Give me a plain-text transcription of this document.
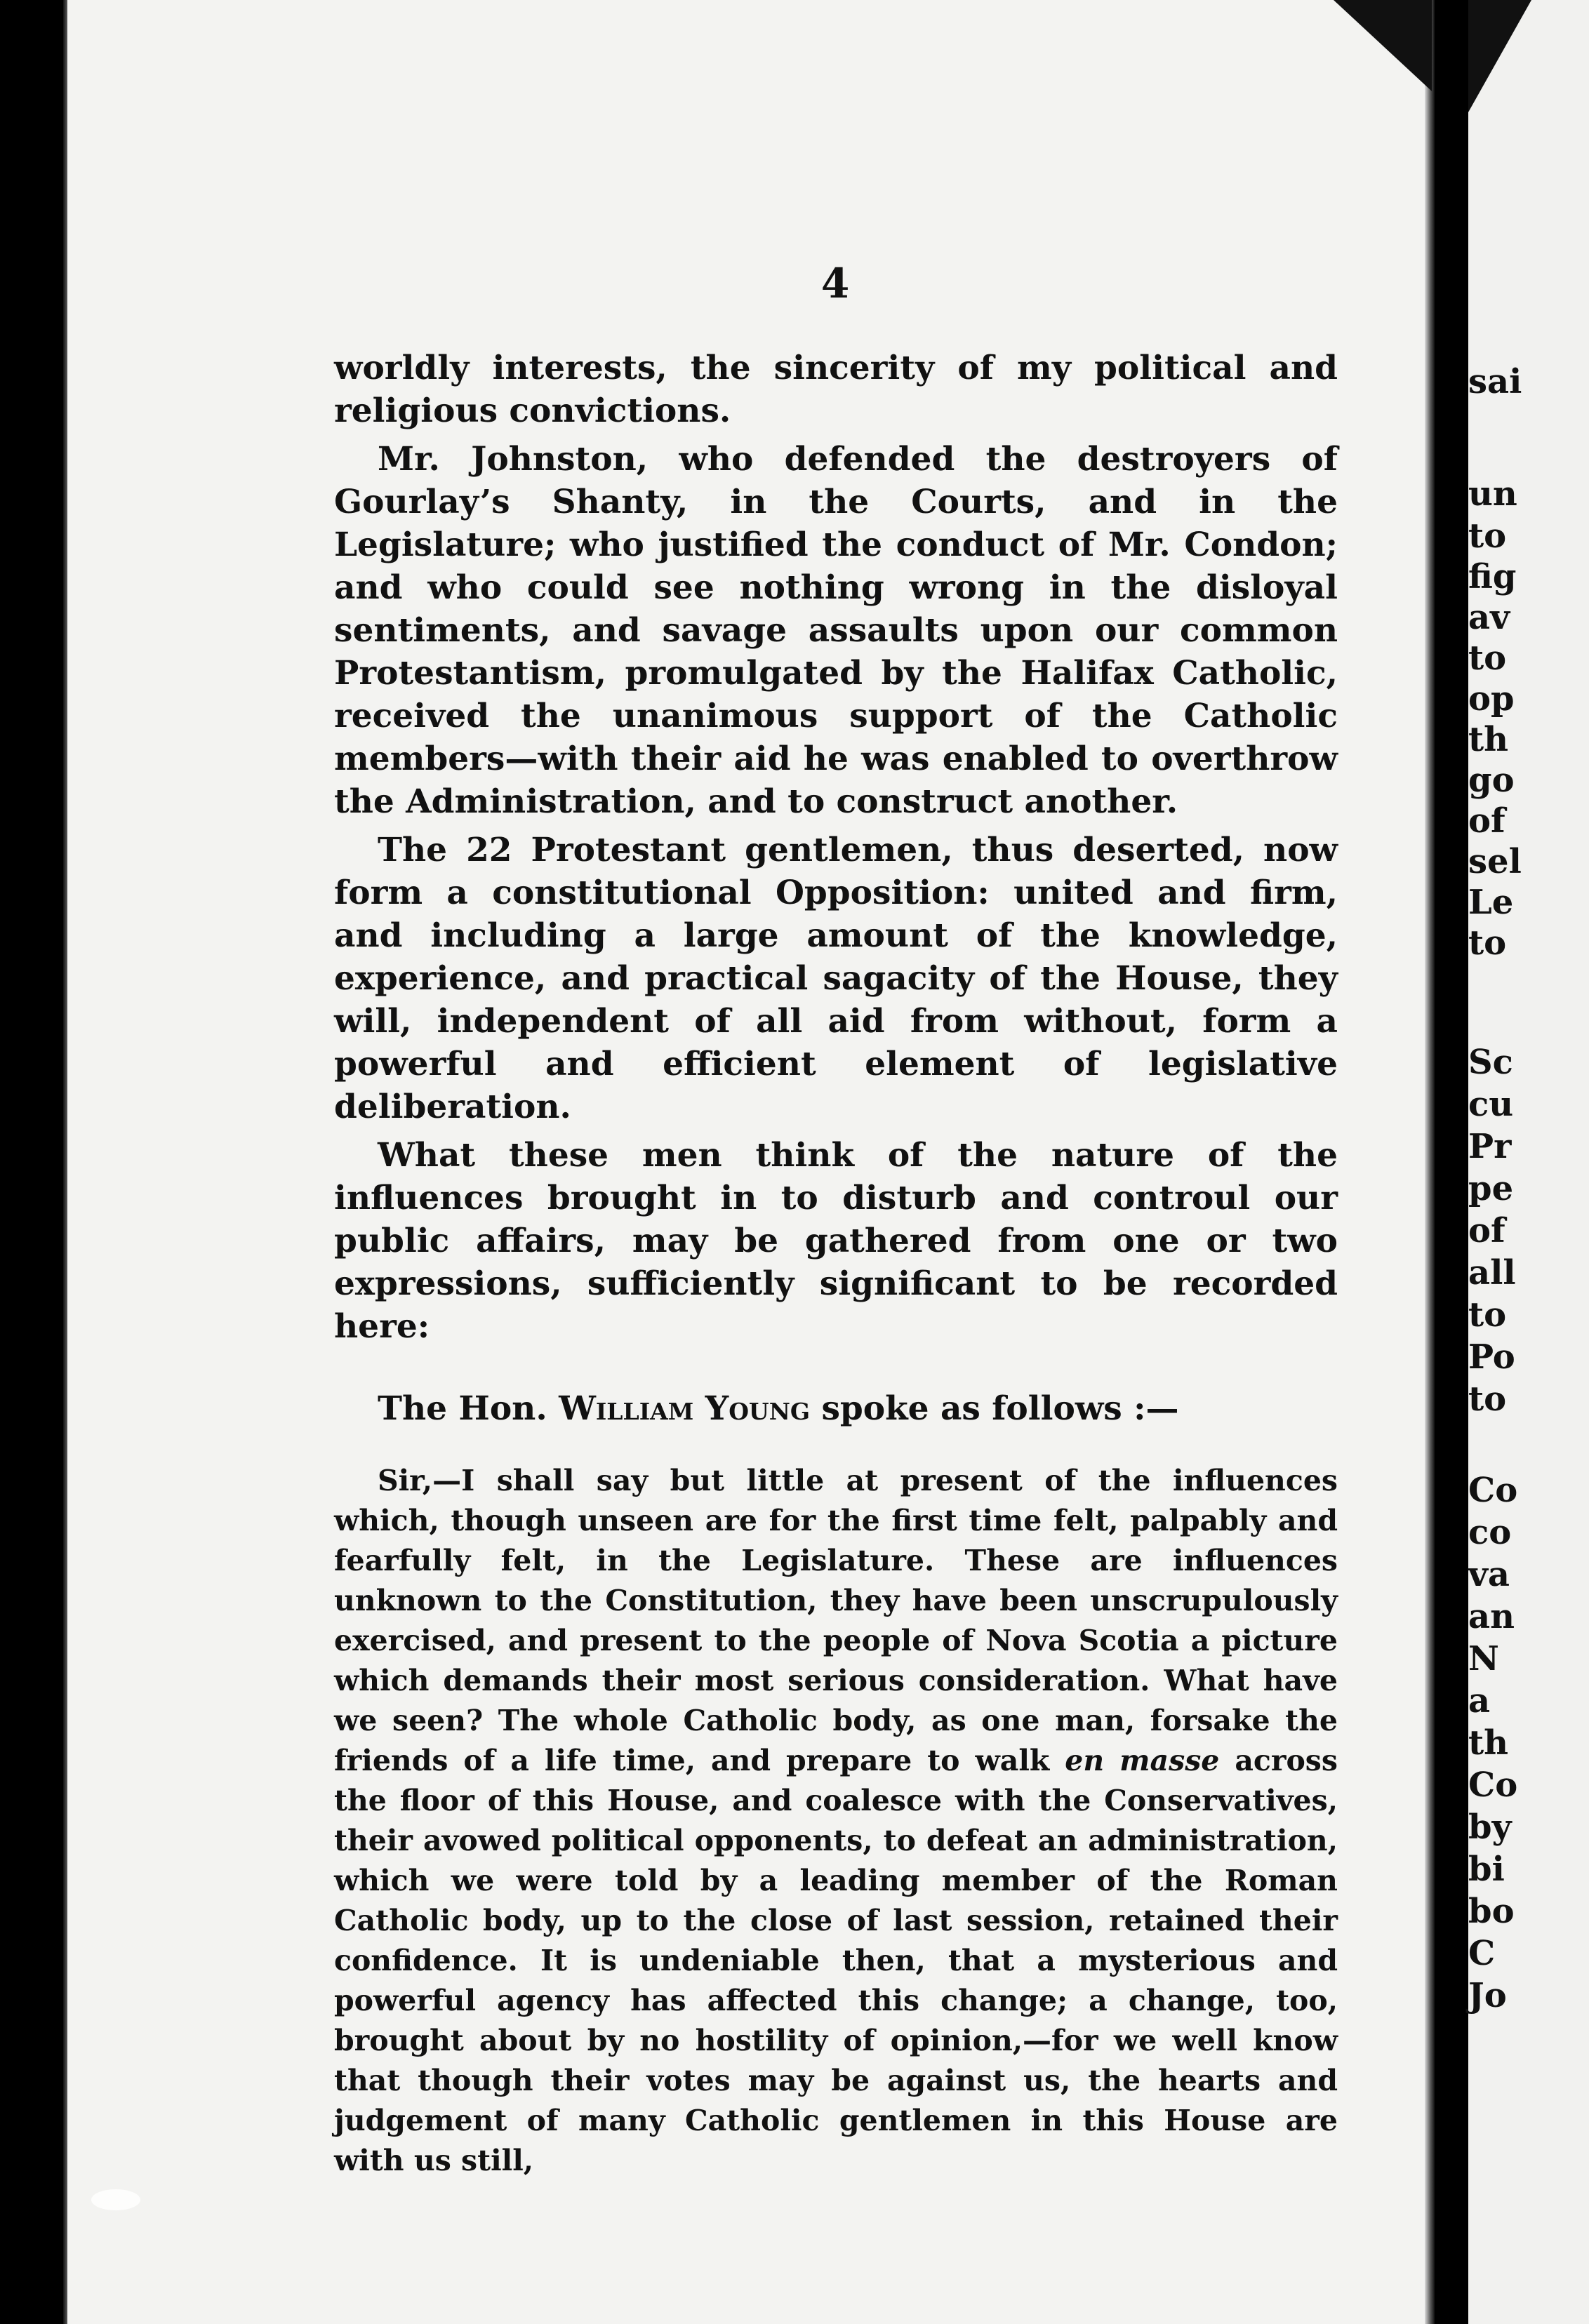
sai
un
to
fig
av
to
op
th
go
of
sel
Le
to
Sc
cu
Pr
pe
of
all
to
Po
to
Co
co
va
an
N
a
th
Co
by
bi
bo
C
Jo
4

worldly interests, the sincerity of my political and religious convictions.

Mr. Johnston, who defended the destroyers of Gourlay’s Shanty, in the Courts, and in the Legislature; who justified the conduct of Mr. Condon; and who could see nothing wrong in the disloyal sentiments, and savage assaults upon our common Protestantism, promulgated by the Halifax Catholic, received the unanimous support of the Catholic members—with their aid he was enabled to overthrow the Administration, and to construct another.

The 22 Protestant gentlemen, thus deserted, now form a constitutional Opposition: united and firm, and including a large amount of the knowledge, experience, and practical sagacity of the House, they will, independent of all aid from without, form a powerful and efficient element of legislative deliberation.

What these men think of the nature of the influences brought in to disturb and controul our public affairs, may be gathered from one or two expressions, sufficiently significant to be recorded here:

The Hon. William Young spoke as follows :—

Sir,—I shall say but little at present of the influences which, though unseen are for the first time felt, palpably and fearfully felt, in the Legislature. These are influences unknown to the Constitution, they have been unscrupulously exercised, and present to the people of Nova Scotia a picture which demands their most serious consideration. What have we seen? The whole Catholic body, as one man, forsake the friends of a life time, and prepare to walk en masse across the floor of this House, and coalesce with the Conservatives, their avowed political opponents, to defeat an administration, which we were told by a leading member of the Roman Catholic body, up to the close of last session, retained their confidence. It is undeniable then, that a mysterious and powerful agency has affected this change; a change, too, brought about by no hostility of opinion,—for we well know that though their votes may be against us, the hearts and judgement of many Catholic gentlemen in this House are with us still,
